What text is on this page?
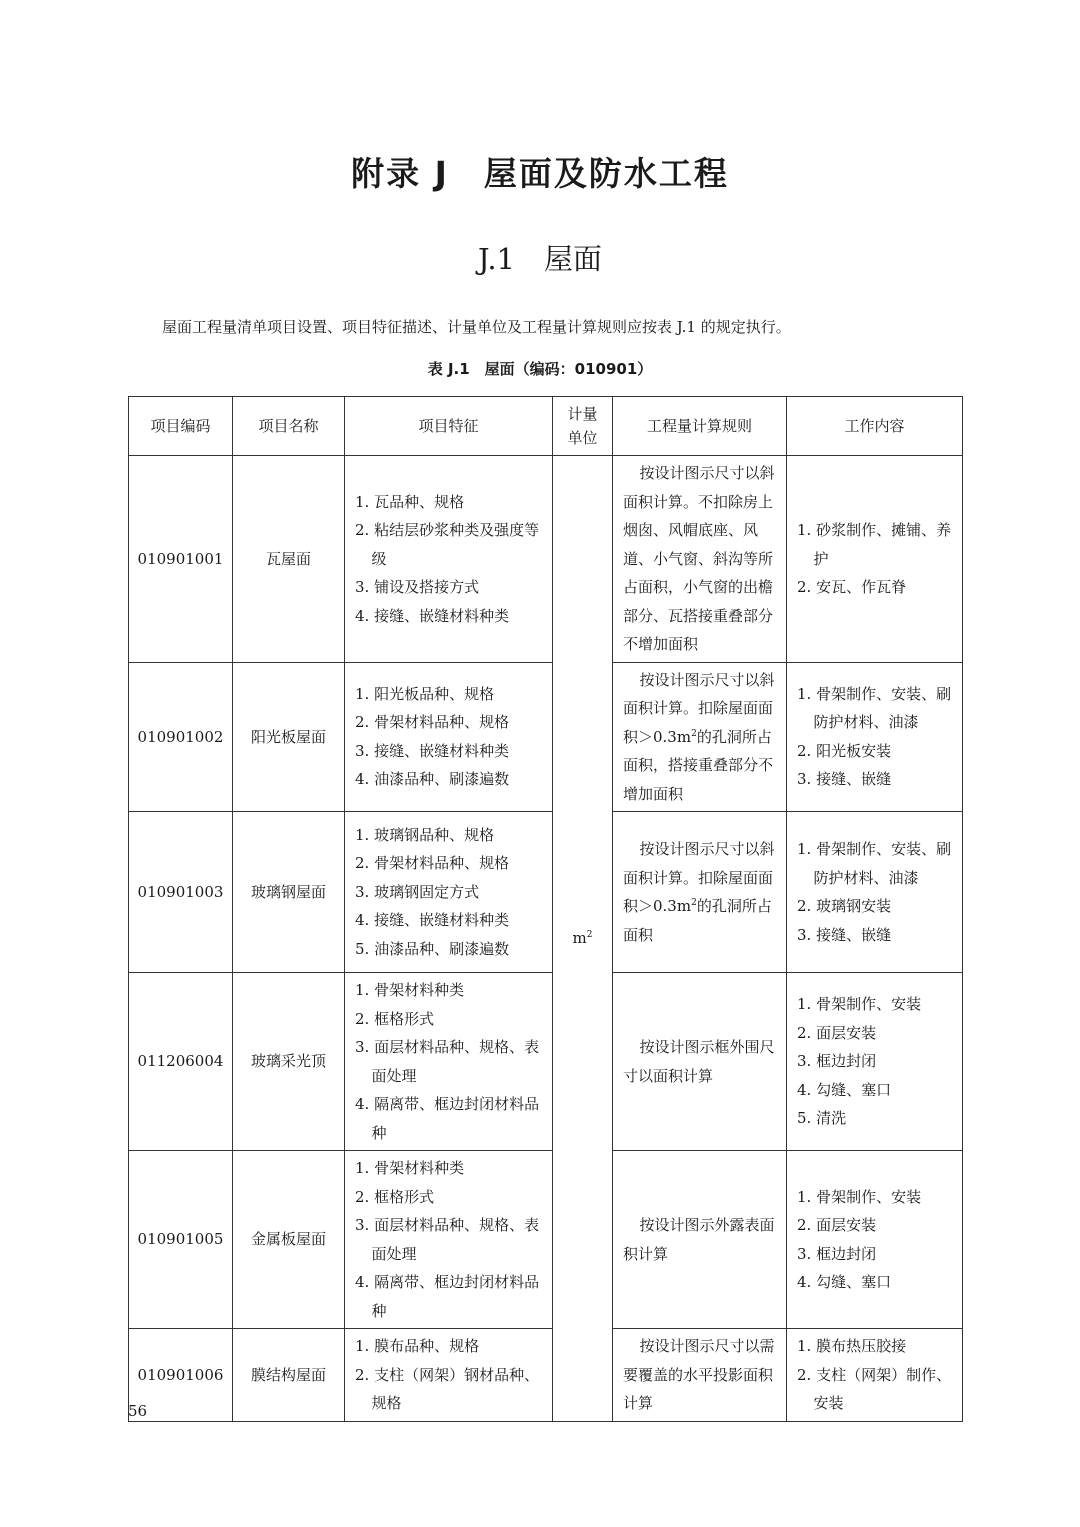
附录 J　屋面及防水工程
J.1　屋面
屋面工程量清单项目设置、项目特征描述、计量单位及工程量计算规则应按表 J.1 的规定执行。
表 J.1　屋面（编码：010901）
项目编码	项目名称	项目特征	计量单位	工程量计算规则	工作内容
010901001	瓦屋面	1. 瓦品种、规格
2. 粘结层砂浆种类及强度等级
3. 铺设及搭接方式
4. 接缝、嵌缝材料种类	$m^2$	按设计图示尺寸以斜面积计算。不扣除房上烟囱、风帽底座、风道、小气窗、斜沟等所占面积，小气窗的出檐部分、瓦搭接重叠部分不增加面积	1. 砂浆制作、摊铺、养护
2. 安瓦、作瓦脊

010901002	阳光板屋面	1. 阳光板品种、规格
2. 骨架材料品种、规格
3. 接缝、嵌缝材料种类
4. 油漆品种、刷漆遍数		按设计图示尺寸以斜面积计算。扣除屋面面积$>0.3m^2$的孔洞所占面积，搭接重叠部分不增加面积	1. 骨架制作、安装、刷防护材料、油漆
2. 阳光板安装
3. 接缝、嵌缝

010901003	玻璃钢屋面	1. 玻璃钢品种、规格
2. 骨架材料品种、规格
3. 玻璃钢固定方式
4. 接缝、嵌缝材料种类
5. 油漆品种、刷漆遍数		按设计图示尺寸以斜面积计算。扣除屋面面积$>0.3m^2$的孔洞所占面积	1. 骨架制作、安装、刷防护材料、油漆
2. 玻璃钢安装
3. 接缝、嵌缝

011206004	玻璃采光顶	1. 骨架材料种类
2. 框格形式
3. 面层材料品种、规格、表面处理
4. 隔离带、框边封闭材料品种		按设计图示框外围尺寸以面积计算	1. 骨架制作、安装
2. 面层安装
3. 框边封闭
4. 勾缝、塞口
5. 清洗

010901005	金属板屋面	1. 骨架材料种类
2. 框格形式
3. 面层材料品种、规格、表面处理
4. 隔离带、框边封闭材料品种		按设计图示外露表面积计算	1. 骨架制作、安装
2. 面层安装
3. 框边封闭
4. 勾缝、塞口

010901006	膜结构屋面	1. 膜布品种、规格
2. 支柱（网架）钢材品种、规格		按设计图示尺寸以需要覆盖的水平投影面积计算	1. 膜布热压胶接
2. 支柱（网架）制作、安装
56
